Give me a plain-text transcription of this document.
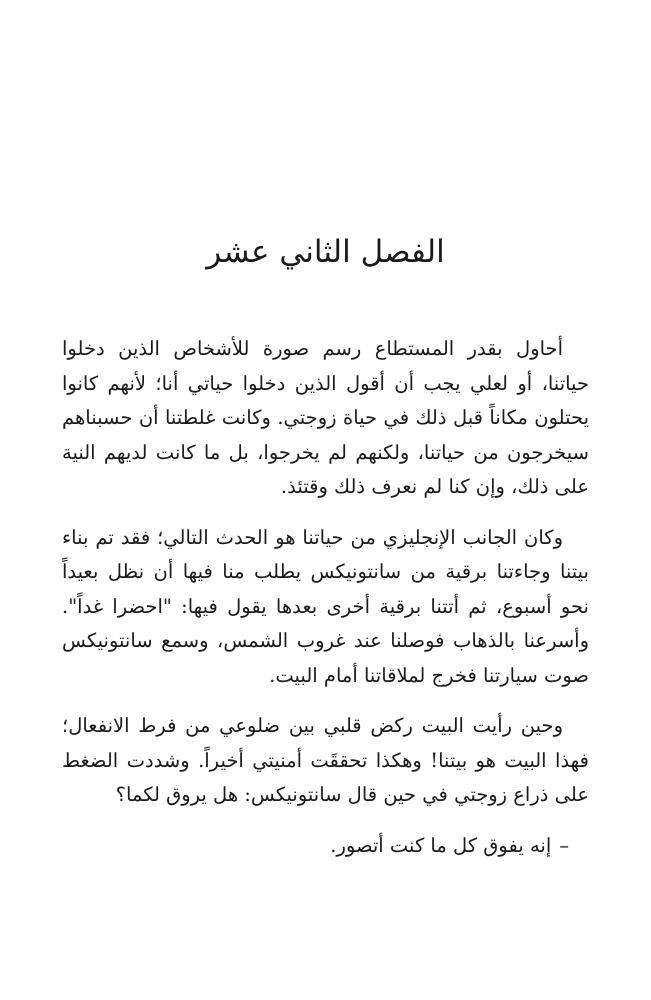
الفصل الثاني عشر

أحاول بقدر المستطاع رسم صورة للأشخاص الذين دخلوا حياتنا، أو لعلي يجب أن أقول الذين دخلوا حياتي أنا؛ لأنهم كانوا يحتلون مكاناً قبل ذلك في حياة زوجتي. وكانت غلطتنا أن حسبناهم سيخرجون من حياتنا، ولكنهم لم يخرجوا، بل ما كانت لديهم النية على ذلك، وإن كنا لم نعرف ذلك وقتئذ.

وكان الجانب الإنجليزي من حياتنا هو الحدث التالي؛ فقد تم بناء بيتنا وجاءتنا برقية من سانتونيكس يطلب منا فيها أن نظل بعيداً نحو أسبوع، ثم أتتنا برقية أخرى بعدها يقول فيها: "احضرا غداً". وأسرعنا بالذهاب فوصلنا عند غروب الشمس، وسمع سانتونيكس صوت سيارتنا فخرج لملاقاتنا أمام البيت.

وحين رأيت البيت ركض قلبي بين ضلوعي من فرط الانفعال؛ فهذا البيت هو بيتنا! وهكذا تحققَت أمنيتي أخيراً. وشددت الضغط على ذراع زوجتي في حين قال سانتونيكس: هل يروق لكما؟

–إنه يفوق كل ما كنت أتصور.
